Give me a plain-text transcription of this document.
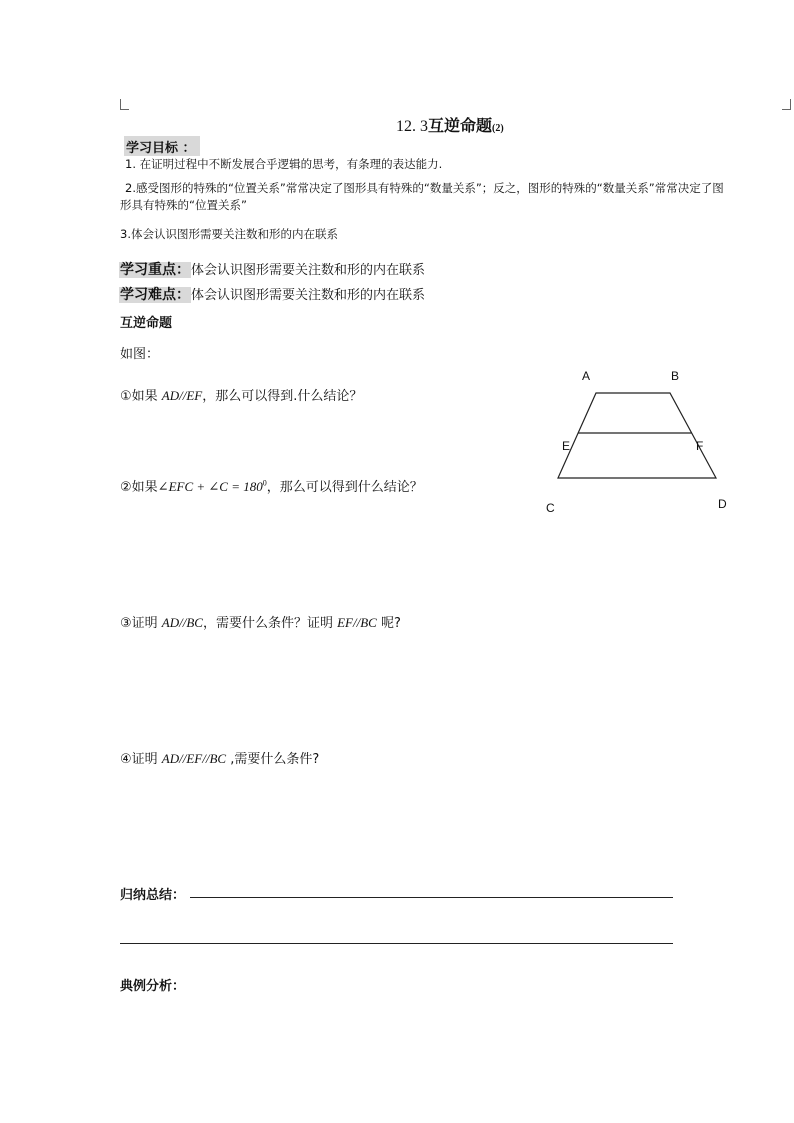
12. 3互逆命题(2)
学习目标 ：
1. 在证明过程中不断发展合乎逻辑的思考，有条理的表达能力.
2.感受图形的特殊的“位置关系”常常决定了图形具有特殊的“数量关系”；反之，图形的特殊的“数量关系”常常决定了图
形具有特殊的“位置关系”
3.体会认识图形需要关注数和形的内在联系
学习重点：体会认识图形需要关注数和形的内在联系
学习难点：体会认识图形需要关注数和形的内在联系
互逆命题
如图：
①如果 AD//EF，那么可以得到.什么结论？
②如果∠EFC + ∠C = $180^0$，那么可以得到什么结论？
③证明 AD//BC，需要什么条件？证明 EF//BC 呢?
④证明 AD//EF//BC ,需要什么条件?
归纳总结：
典例分析：
A	B
E	F
C	D
